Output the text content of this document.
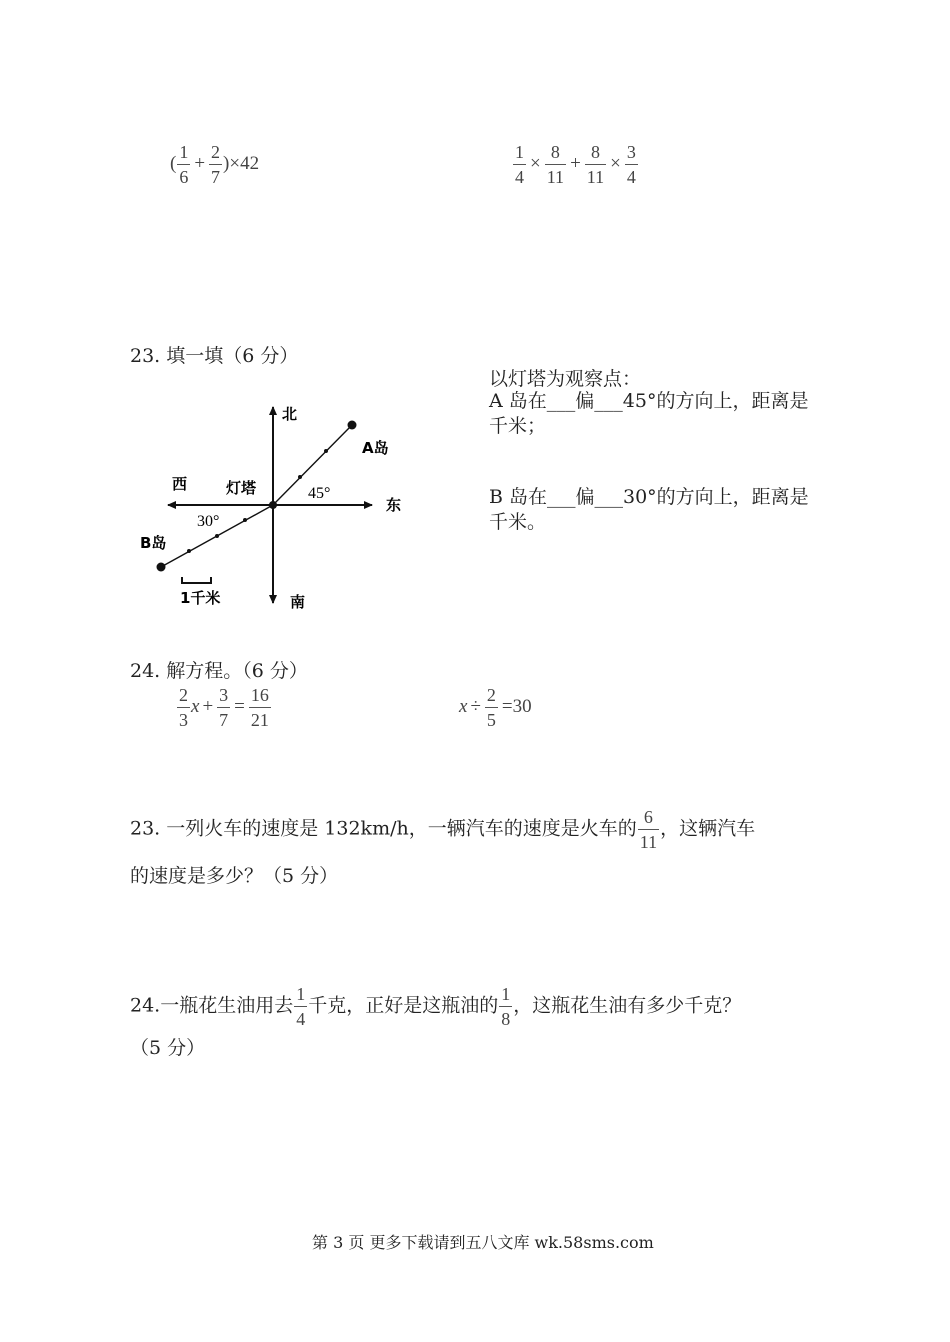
( $\frac{1}{6} + \frac{2}{7} )\times 42$	$\frac{1}{4} \times \frac{8}{11} + \frac{8}{11} \times \frac{3}{4}$
23. 填一填（6 分）
北
南
东
西	灯塔	45°
30°
A岛
B岛
1千米
以灯塔为观察点：
A 岛在___偏___45°的方向上，距离是
千米；
B 岛在___偏___30°的方向上，距离是
千米。
24. 解方程。（6 分）
$\frac{2}{3}$ $x + \frac{3}{7} = \frac{16}{21}$	$x \div \frac{2}{5} =30$
23. 一列火车的速度是 132km/h，一辆汽车的速度是火车的 $\frac{6}{11}$ ，这辆汽车
的速度是多少？（5 分）
24.一瓶花生油用去 $\frac{1}{4}$ 千克，正好是这瓶油的 $\frac{1}{8}$ ，这瓶花生油有多少千克？
（5 分）
第 3 页 更多下载请到五八文库 wk.58sms.com
